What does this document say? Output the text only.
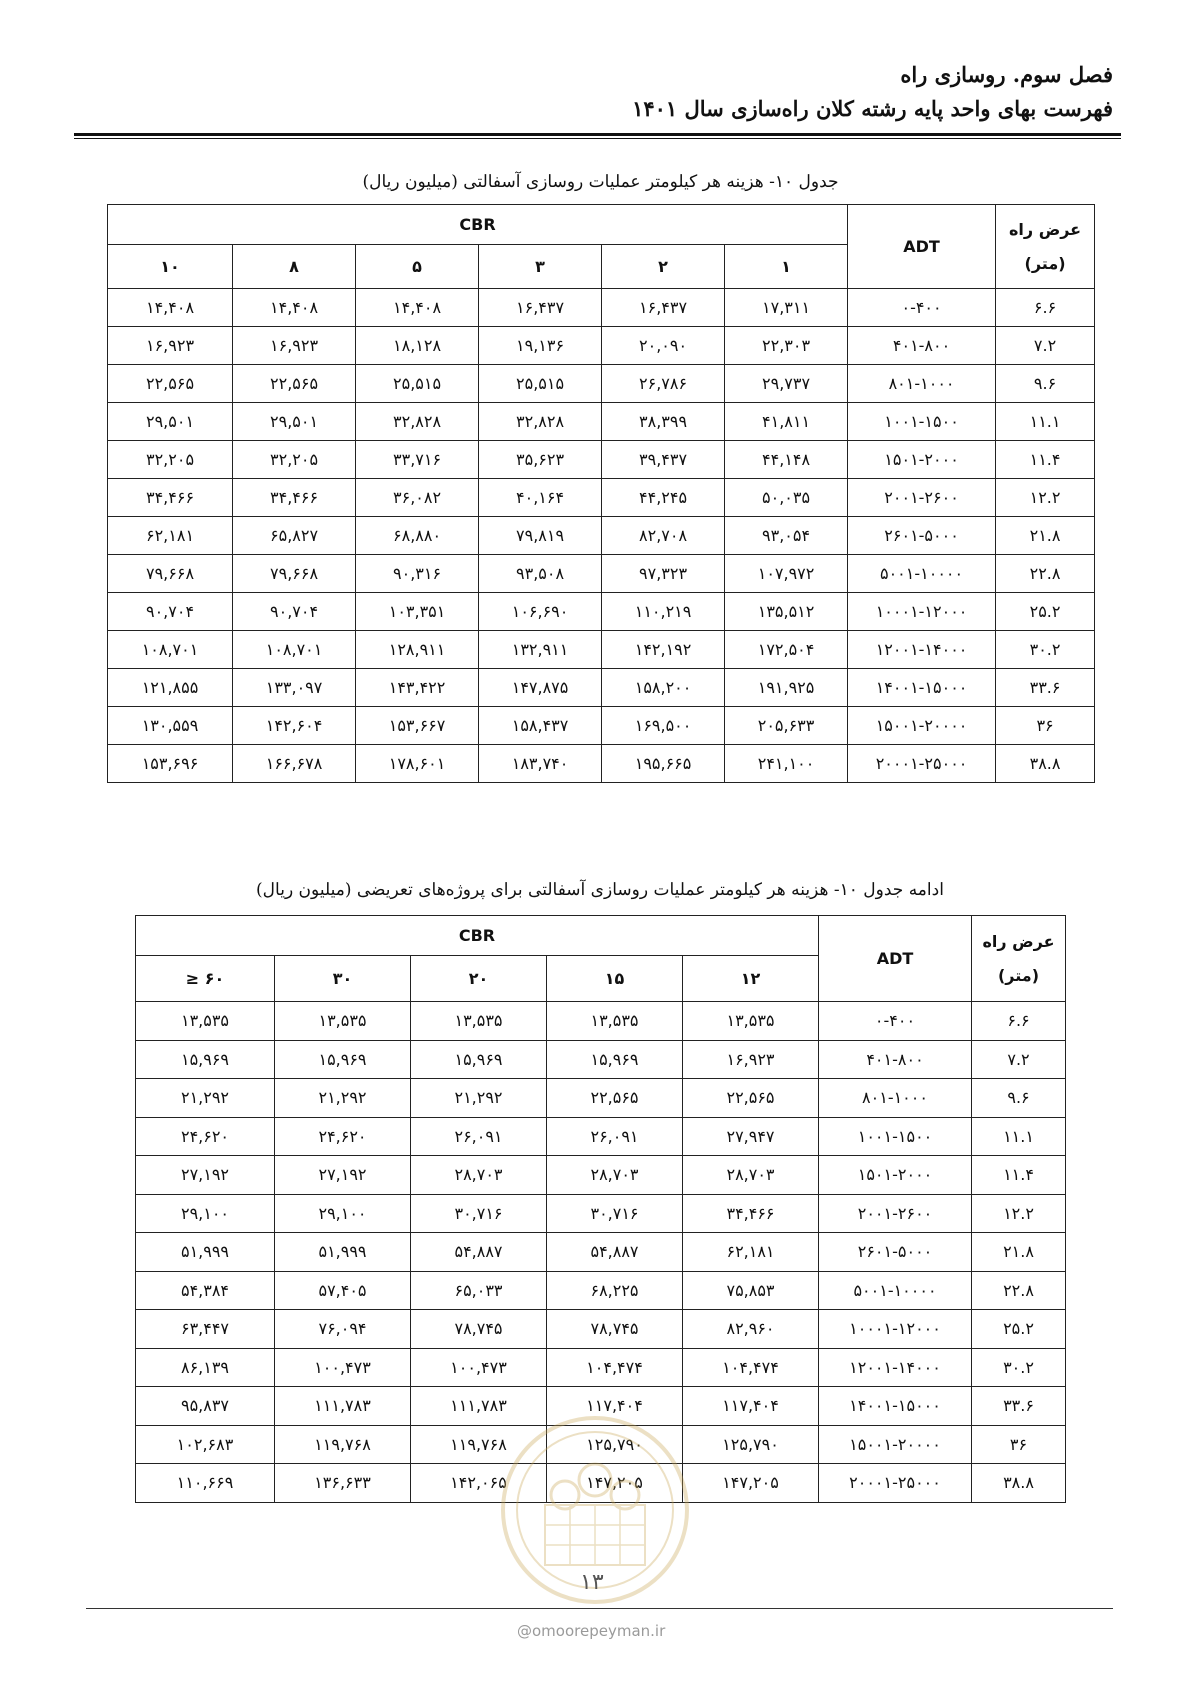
فصل سوم. روسازی راه
فهرست بهای واحد پایه رشته کلان راه‌سازی سال ۱۴۰۱
جدول ۱۰- هزینه هر کیلومتر عملیات روسازی آسفالتی (میلیون ریال)
عرض راه (متر)	ADT	CBR					
		۱	۲	۳	۵	۸	۱۰
۶.۶	۰-۴۰۰	۱۷,۳۱۱	۱۶,۴۳۷	۱۶,۴۳۷	۱۴,۴۰۸	۱۴,۴۰۸	۱۴,۴۰۸
۷.۲	۴۰۱-۸۰۰	۲۲,۳۰۳	۲۰,۰۹۰	۱۹,۱۳۶	۱۸,۱۲۸	۱۶,۹۲۳	۱۶,۹۲۳
۹.۶	۸۰۱-۱۰۰۰	۲۹,۷۳۷	۲۶,۷۸۶	۲۵,۵۱۵	۲۵,۵۱۵	۲۲,۵۶۵	۲۲,۵۶۵
۱۱.۱	۱۰۰۱-۱۵۰۰	۴۱,۸۱۱	۳۸,۳۹۹	۳۲,۸۲۸	۳۲,۸۲۸	۲۹,۵۰۱	۲۹,۵۰۱
۱۱.۴	۱۵۰۱-۲۰۰۰	۴۴,۱۴۸	۳۹,۴۳۷	۳۵,۶۲۳	۳۳,۷۱۶	۳۲,۲۰۵	۳۲,۲۰۵
۱۲.۲	۲۰۰۱-۲۶۰۰	۵۰,۰۳۵	۴۴,۲۴۵	۴۰,۱۶۴	۳۶,۰۸۲	۳۴,۴۶۶	۳۴,۴۶۶
۲۱.۸	۲۶۰۱-۵۰۰۰	۹۳,۰۵۴	۸۲,۷۰۸	۷۹,۸۱۹	۶۸,۸۸۰	۶۵,۸۲۷	۶۲,۱۸۱
۲۲.۸	۵۰۰۱-۱۰۰۰۰	۱۰۷,۹۷۲	۹۷,۳۲۳	۹۳,۵۰۸	۹۰,۳۱۶	۷۹,۶۶۸	۷۹,۶۶۸
۲۵.۲	۱۰۰۰۱-۱۲۰۰۰	۱۳۵,۵۱۲	۱۱۰,۲۱۹	۱۰۶,۶۹۰	۱۰۳,۳۵۱	۹۰,۷۰۴	۹۰,۷۰۴
۳۰.۲	۱۲۰۰۱-۱۴۰۰۰	۱۷۲,۵۰۴	۱۴۲,۱۹۲	۱۳۲,۹۱۱	۱۲۸,۹۱۱	۱۰۸,۷۰۱	۱۰۸,۷۰۱
۳۳.۶	۱۴۰۰۱-۱۵۰۰۰	۱۹۱,۹۲۵	۱۵۸,۲۰۰	۱۴۷,۸۷۵	۱۴۳,۴۲۲	۱۳۳,۰۹۷	۱۲۱,۸۵۵
۳۶	۱۵۰۰۱-۲۰۰۰۰	۲۰۵,۶۳۳	۱۶۹,۵۰۰	۱۵۸,۴۳۷	۱۵۳,۶۶۷	۱۴۲,۶۰۴	۱۳۰,۵۵۹
۳۸.۸	۲۰۰۰۱-۲۵۰۰۰	۲۴۱,۱۰۰	۱۹۵,۶۶۵	۱۸۳,۷۴۰	۱۷۸,۶۰۱	۱۶۶,۶۷۸	۱۵۳,۶۹۶
ادامه جدول ۱۰- هزینه هر کیلومتر عملیات روسازی آسفالتی برای پروژه‌های تعریضی (میلیون ریال)
عرض راه (متر)	ADT	CBR				
		۱۲	۱۵	۲۰	۳۰	۶۰ ≤
۶.۶	۰-۴۰۰	۱۳,۵۳۵	۱۳,۵۳۵	۱۳,۵۳۵	۱۳,۵۳۵	۱۳,۵۳۵
۷.۲	۴۰۱-۸۰۰	۱۶,۹۲۳	۱۵,۹۶۹	۱۵,۹۶۹	۱۵,۹۶۹	۱۵,۹۶۹
۹.۶	۸۰۱-۱۰۰۰	۲۲,۵۶۵	۲۲,۵۶۵	۲۱,۲۹۲	۲۱,۲۹۲	۲۱,۲۹۲
۱۱.۱	۱۰۰۱-۱۵۰۰	۲۷,۹۴۷	۲۶,۰۹۱	۲۶,۰۹۱	۲۴,۶۲۰	۲۴,۶۲۰
۱۱.۴	۱۵۰۱-۲۰۰۰	۲۸,۷۰۳	۲۸,۷۰۳	۲۸,۷۰۳	۲۷,۱۹۲	۲۷,۱۹۲
۱۲.۲	۲۰۰۱-۲۶۰۰	۳۴,۴۶۶	۳۰,۷۱۶	۳۰,۷۱۶	۲۹,۱۰۰	۲۹,۱۰۰
۲۱.۸	۲۶۰۱-۵۰۰۰	۶۲,۱۸۱	۵۴,۸۸۷	۵۴,۸۸۷	۵۱,۹۹۹	۵۱,۹۹۹
۲۲.۸	۵۰۰۱-۱۰۰۰۰	۷۵,۸۵۳	۶۸,۲۲۵	۶۵,۰۳۳	۵۷,۴۰۵	۵۴,۳۸۴
۲۵.۲	۱۰۰۰۱-۱۲۰۰۰	۸۲,۹۶۰	۷۸,۷۴۵	۷۸,۷۴۵	۷۶,۰۹۴	۶۳,۴۴۷
۳۰.۲	۱۲۰۰۱-۱۴۰۰۰	۱۰۴,۴۷۴	۱۰۴,۴۷۴	۱۰۰,۴۷۳	۱۰۰,۴۷۳	۸۶,۱۳۹
۳۳.۶	۱۴۰۰۱-۱۵۰۰۰	۱۱۷,۴۰۴	۱۱۷,۴۰۴	۱۱۱,۷۸۳	۱۱۱,۷۸۳	۹۵,۸۳۷
۳۶	۱۵۰۰۱-۲۰۰۰۰	۱۲۵,۷۹۰	۱۲۵,۷۹۰	۱۱۹,۷۶۸	۱۱۹,۷۶۸	۱۰۲,۶۸۳
۳۸.۸	۲۰۰۰۱-۲۵۰۰۰	۱۴۷,۲۰۵	۱۴۷,۲۰۵	۱۴۲,۰۶۵	۱۳۶,۶۳۳	۱۱۰,۶۶۹
۱۳
@omoorepeyman.ir
